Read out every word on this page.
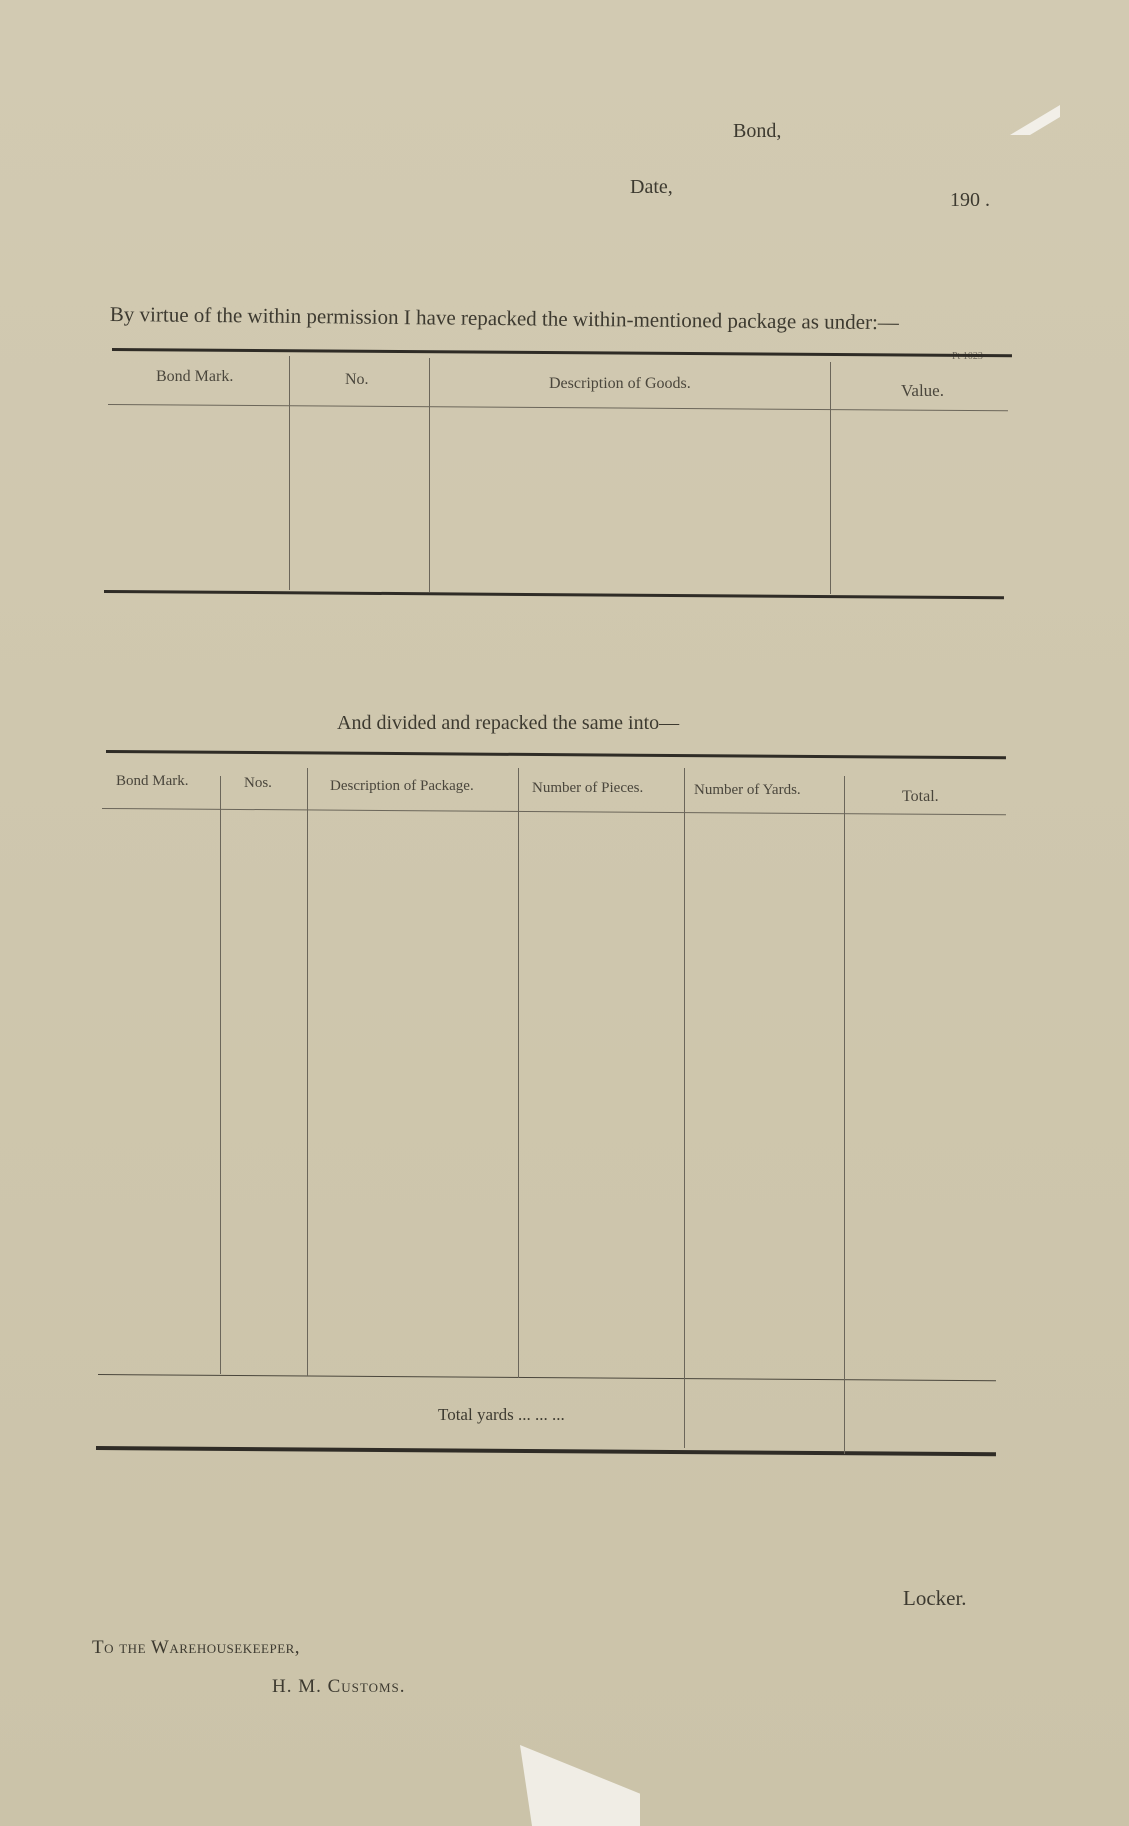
Bond,
Date,
190 .
By virtue of the within permission I have repacked the within-mentioned package as under:—
Bond Mark.	No.	Description of Goods.	Value.
And divided and repacked the same into—
Bond Mark.	Nos.	Description of Package.	Number of Pieces.	Number of Yards.	Total.
Total yards ... ... ...
Locker.
To the Warehousekeeper,
H. M. Customs.
